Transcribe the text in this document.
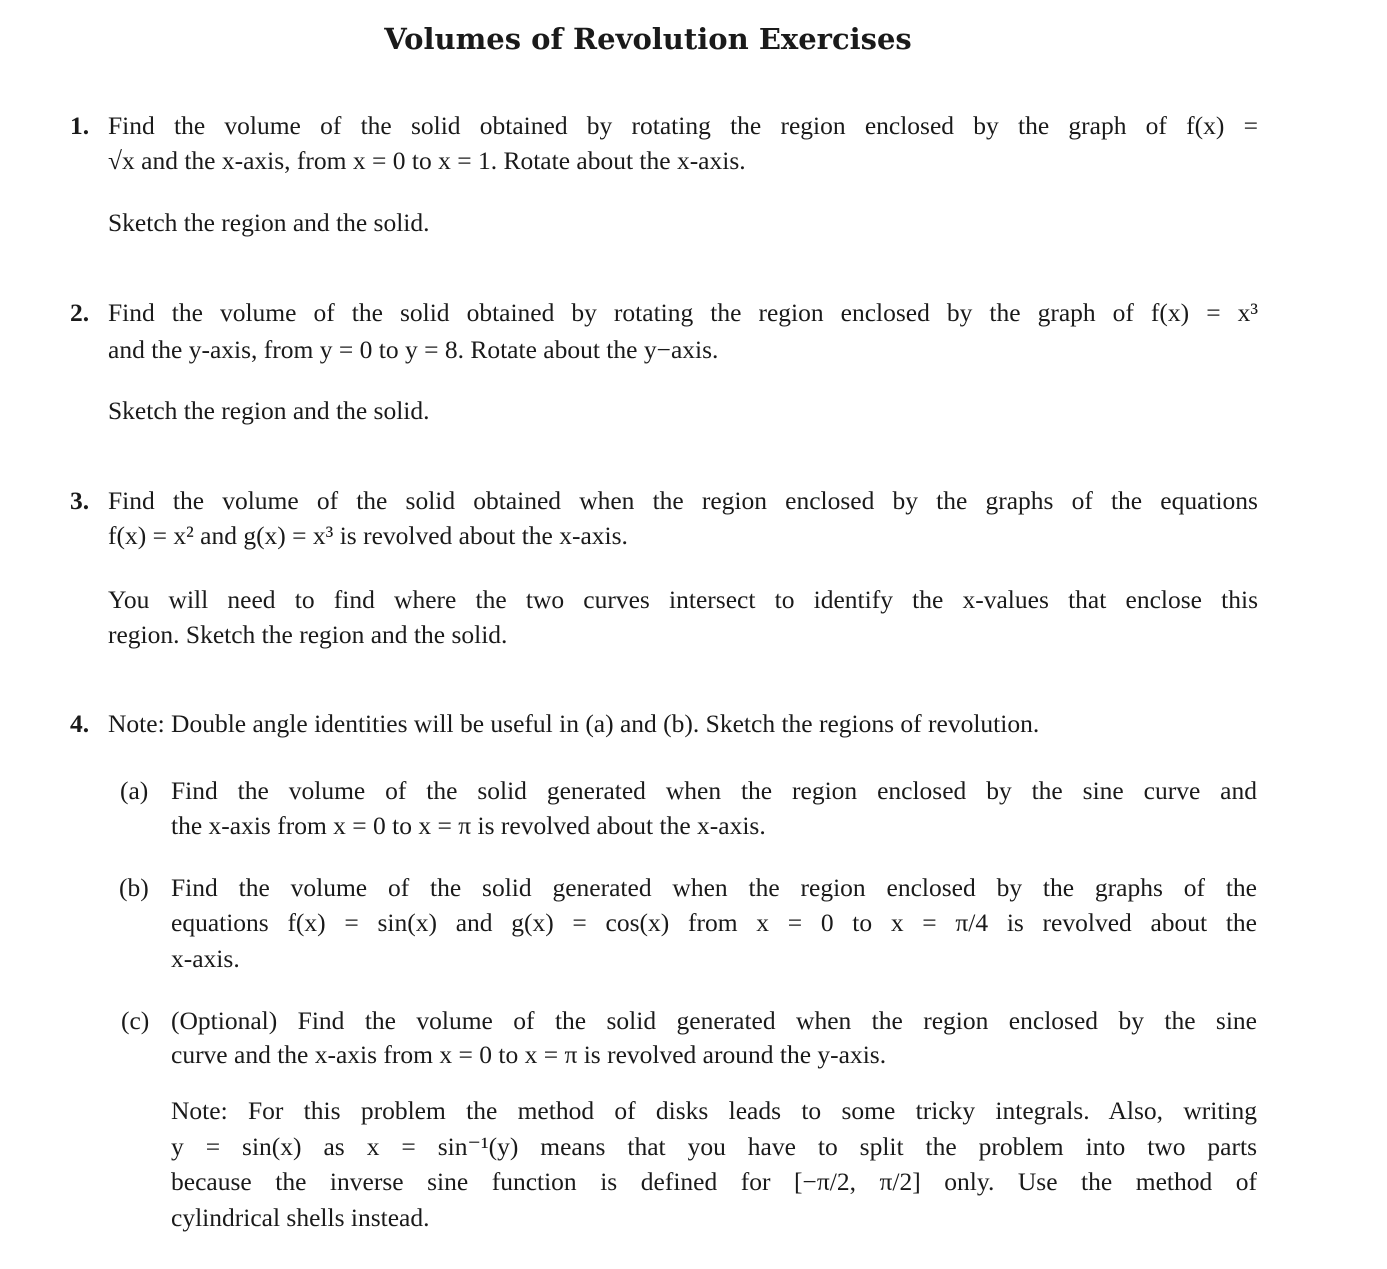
Volumes of Revolution Exercises
1. Find the volume of the solid obtained by rotating the region enclosed by the graph of f(x) =
√x and the x-axis, from x = 0 to x = 1. Rotate about the x-axis.
Sketch the region and the solid.
2. Find the volume of the solid obtained by rotating the region enclosed by the graph of f(x) = x³
and the y-axis, from y = 0 to y = 8. Rotate about the y−axis.
Sketch the region and the solid.
3. Find the volume of the solid obtained when the region enclosed by the graphs of the equations
f(x) = x² and g(x) = x³ is revolved about the x-axis.
You will need to find where the two curves intersect to identify the x-values that enclose this
region. Sketch the region and the solid.
4. Note: Double angle identities will be useful in (a) and (b). Sketch the regions of revolution.
(a) Find the volume of the solid generated when the region enclosed by the sine curve and
the x-axis from x = 0 to x = π is revolved about the x-axis.
(b) Find the volume of the solid generated when the region enclosed by the graphs of the
equations f(x) = sin(x) and g(x) = cos(x) from x = 0 to x = π/4 is revolved about the
x-axis.
(c) (Optional) Find the volume of the solid generated when the region enclosed by the sine
curve and the x-axis from x = 0 to x = π is revolved around the y-axis.
Note: For this problem the method of disks leads to some tricky integrals. Also, writing
y = sin(x) as x = sin⁻¹(y) means that you have to split the problem into two parts
because the inverse sine function is defined for [−π/2, π/2] only. Use the method of
cylindrical shells instead.
